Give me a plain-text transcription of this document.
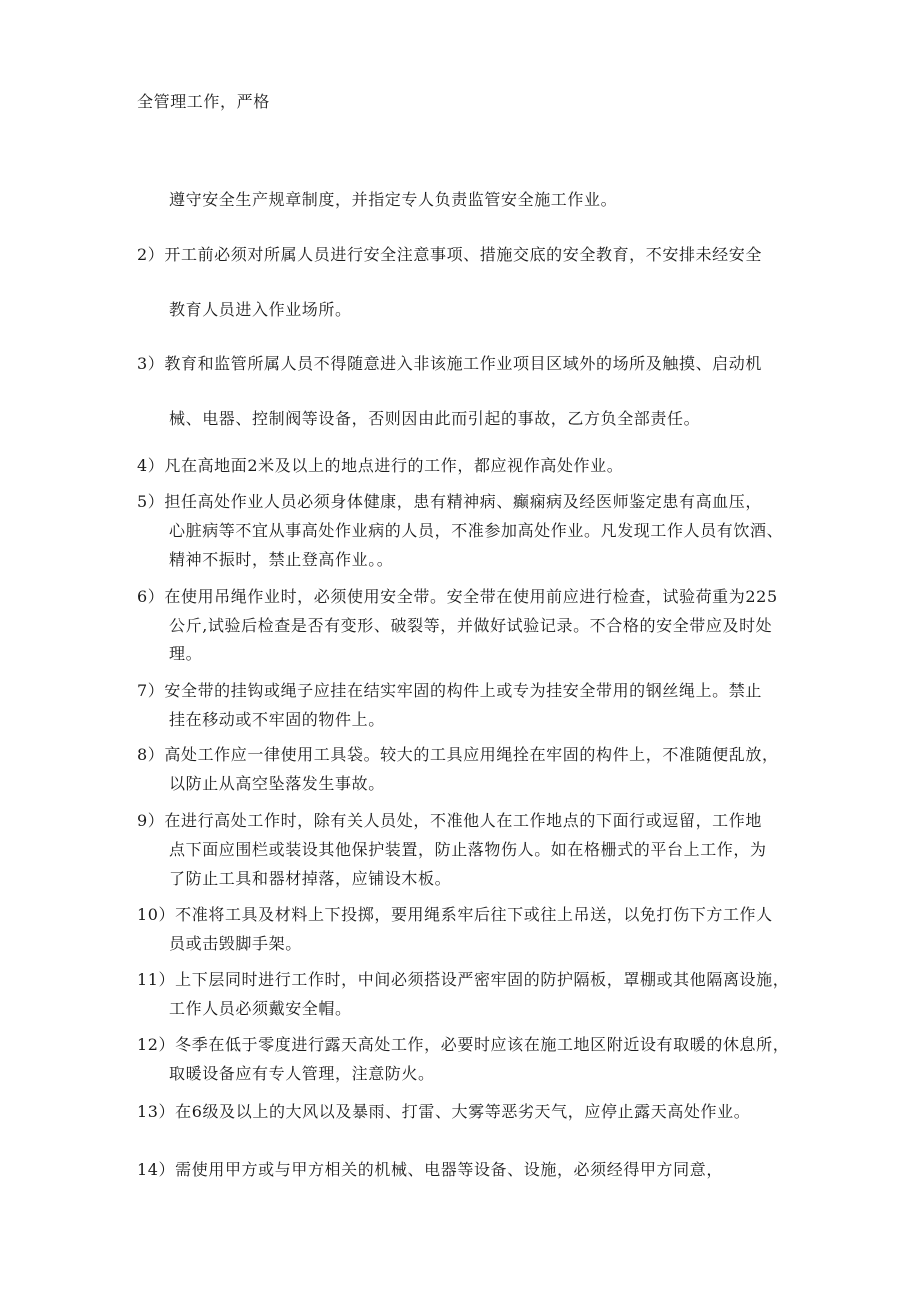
全管理工作，严格
遵守安全生产规章制度，并指定专人负责监管安全施工作业。
2）开工前必须对所属人员进行安全注意事项、措施交底的安全教育，不安排未经安全
教育人员进入作业场所。
3）教育和监管所属人员不得随意进入非该施工作业项目区域外的场所及触摸、启动机
械、电器、控制阀等设备，否则因由此而引起的事故，乙方负全部责任。
4）凡在高地面2米及以上的地点进行的工作，都应视作高处作业。
5）担任高处作业人员必须身体健康，患有精神病、癫痫病及经医师鉴定患有高血压，
心脏病等不宜从事高处作业病的人员，不准参加高处作业。凡发现工作人员有饮酒、
精神不振时，禁止登高作业。。
6）在使用吊绳作业时，必须使用安全带。安全带在使用前应进行检查，试验荷重为225
公斤,试验后检查是否有变形、破裂等，并做好试验记录。不合格的安全带应及时处
理。
7）安全带的挂钩或绳子应挂在结实牢固的构件上或专为挂安全带用的钢丝绳上。禁止
挂在移动或不牢固的物件上。
8）高处工作应一律使用工具袋。较大的工具应用绳拴在牢固的构件上，不准随便乱放，
以防止从高空坠落发生事故。
9）在进行高处工作时，除有关人员处，不准他人在工作地点的下面行或逗留，工作地
点下面应围栏或装设其他保护装置，防止落物伤人。如在格栅式的平台上工作，为
了防止工具和器材掉落，应铺设木板。
10）不准将工具及材料上下投掷，要用绳系牢后往下或往上吊送，以免打伤下方工作人
员或击毁脚手架。
11）上下层同时进行工作时，中间必须搭设严密牢固的防护隔板，罩棚或其他隔离设施，
工作人员必须戴安全帽。
12）冬季在低于零度进行露天高处工作，必要时应该在施工地区附近设有取暖的休息所，
取暖设备应有专人管理，注意防火。
13）在6级及以上的大风以及暴雨、打雷、大雾等恶劣天气，应停止露天高处作业。
14）需使用甲方或与甲方相关的机械、电器等设备、设施，必须经得甲方同意，
